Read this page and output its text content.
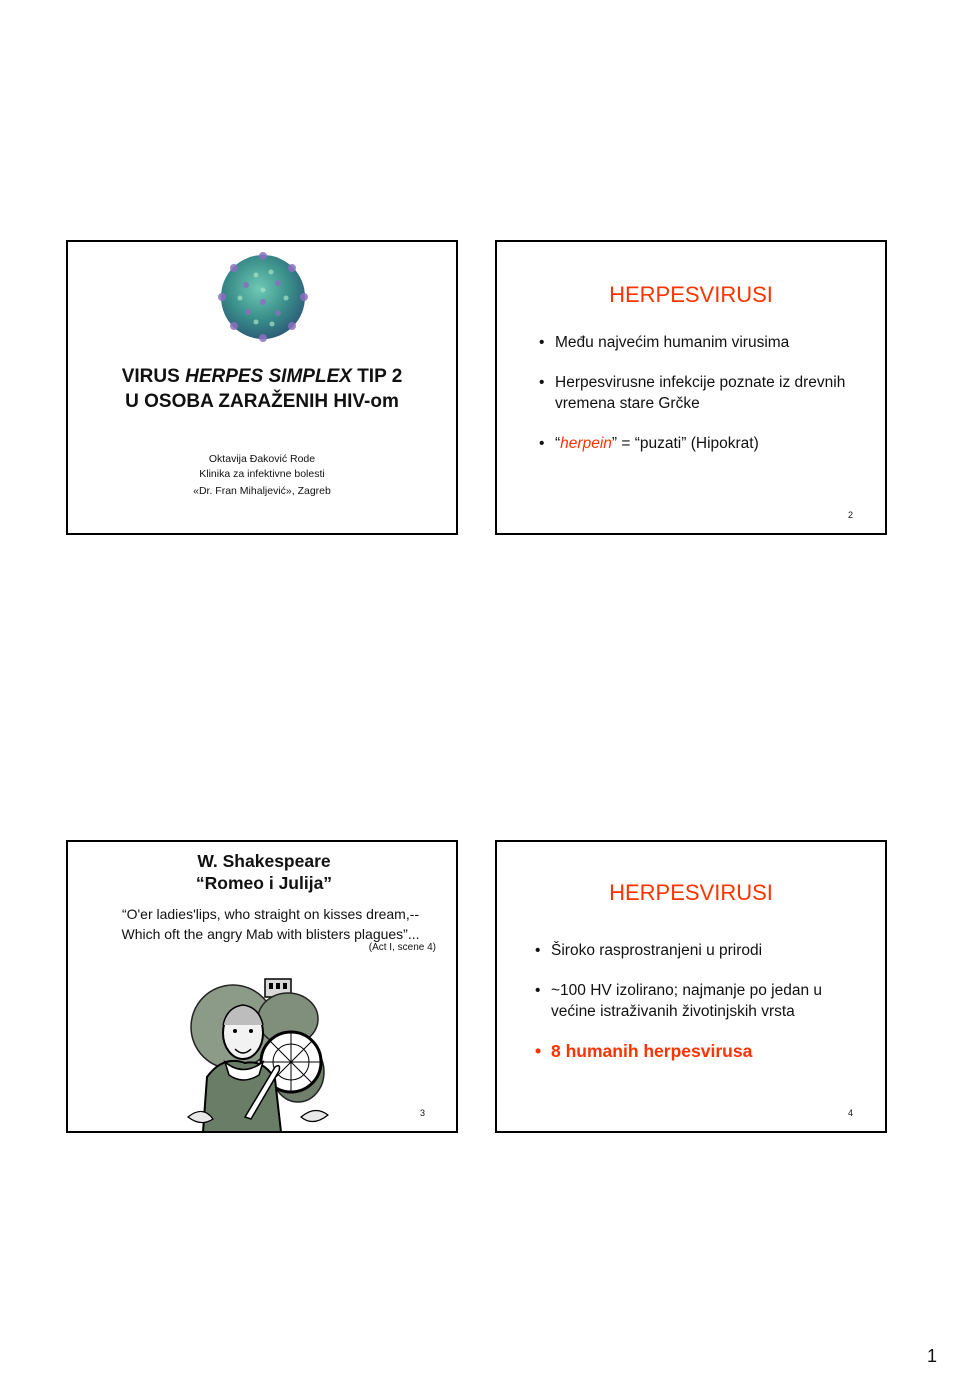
VIRUS HERPES SIMPLEX TIP 2
U OSOBA ZARAŽENIH HIV-om
Oktavija Đaković Rode
Klinika za infektivne bolesti
«Dr. Fran Mihaljević», Zagreb
HERPESVIRUSI
• Među najvećim humanim virusima
• Herpesvirusne infekcije poznate iz drevnih vremena stare Grčke
• “herpein” = “puzati” (Hipokrat)
2
W. Shakespeare
“Romeo i Julija”
“O'er ladies'lips, who straight on kisses dream,--
Which oft the angry Mab with blisters plagues”...
(Act I, scene 4)
3
HERPESVIRUSI
• Široko rasprostranjeni u prirodi
• ~100 HV izolirano; najmanje po jedan u većine istraživanih životinjskih vrsta
• 8 humanih herpesvirusa
4
1
